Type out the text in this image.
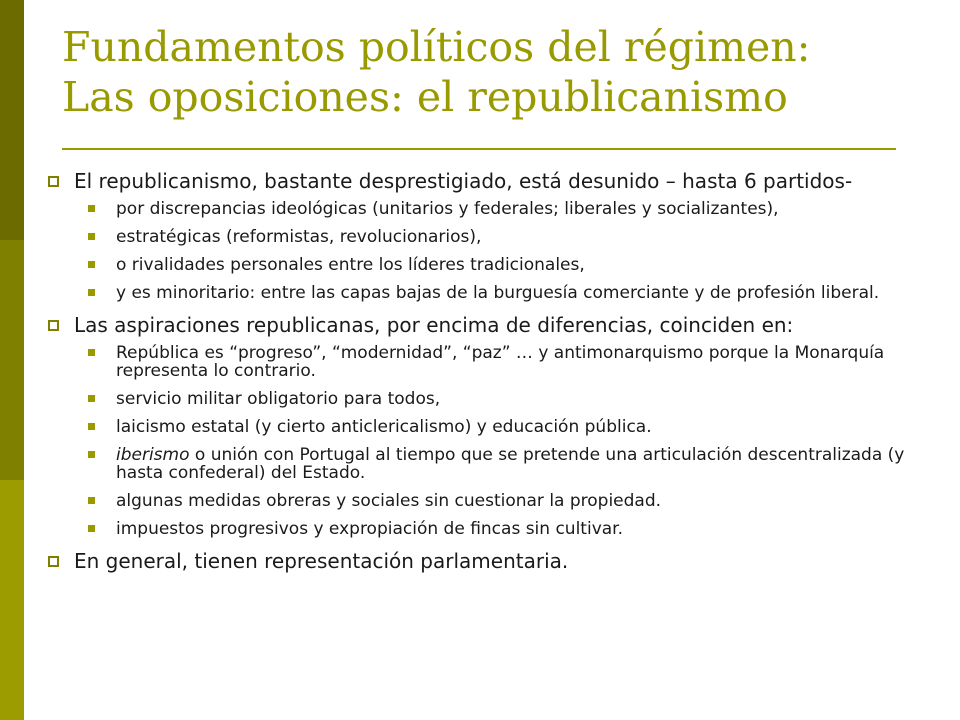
Fundamentos políticos del régimen:
Las oposiciones: el republicanismo
El republicanismo, bastante desprestigiado, está desunido – hasta 6 partidos-
por discrepancias ideológicas (unitarios y federales; liberales y socializantes),
estratégicas (reformistas, revolucionarios),
o rivalidades personales entre los líderes tradicionales,
y es minoritario: entre las capas bajas de la burguesía comerciante y de profesión liberal.
Las aspiraciones republicanas, por encima de diferencias, coinciden en:
República es “progreso”, “modernidad”, “paz” … y antimonarquismo porque la Monarquía representa lo contrario.
servicio militar obligatorio para todos,
laicismo estatal (y cierto anticlericalismo) y educación pública.
iberismo o unión con Portugal al tiempo que se pretende una articulación descentralizada (y hasta confederal) del Estado.
algunas medidas obreras y sociales sin cuestionar la propiedad.
impuestos progresivos y expropiación de fincas sin cultivar.
En general, tienen representación parlamentaria.
